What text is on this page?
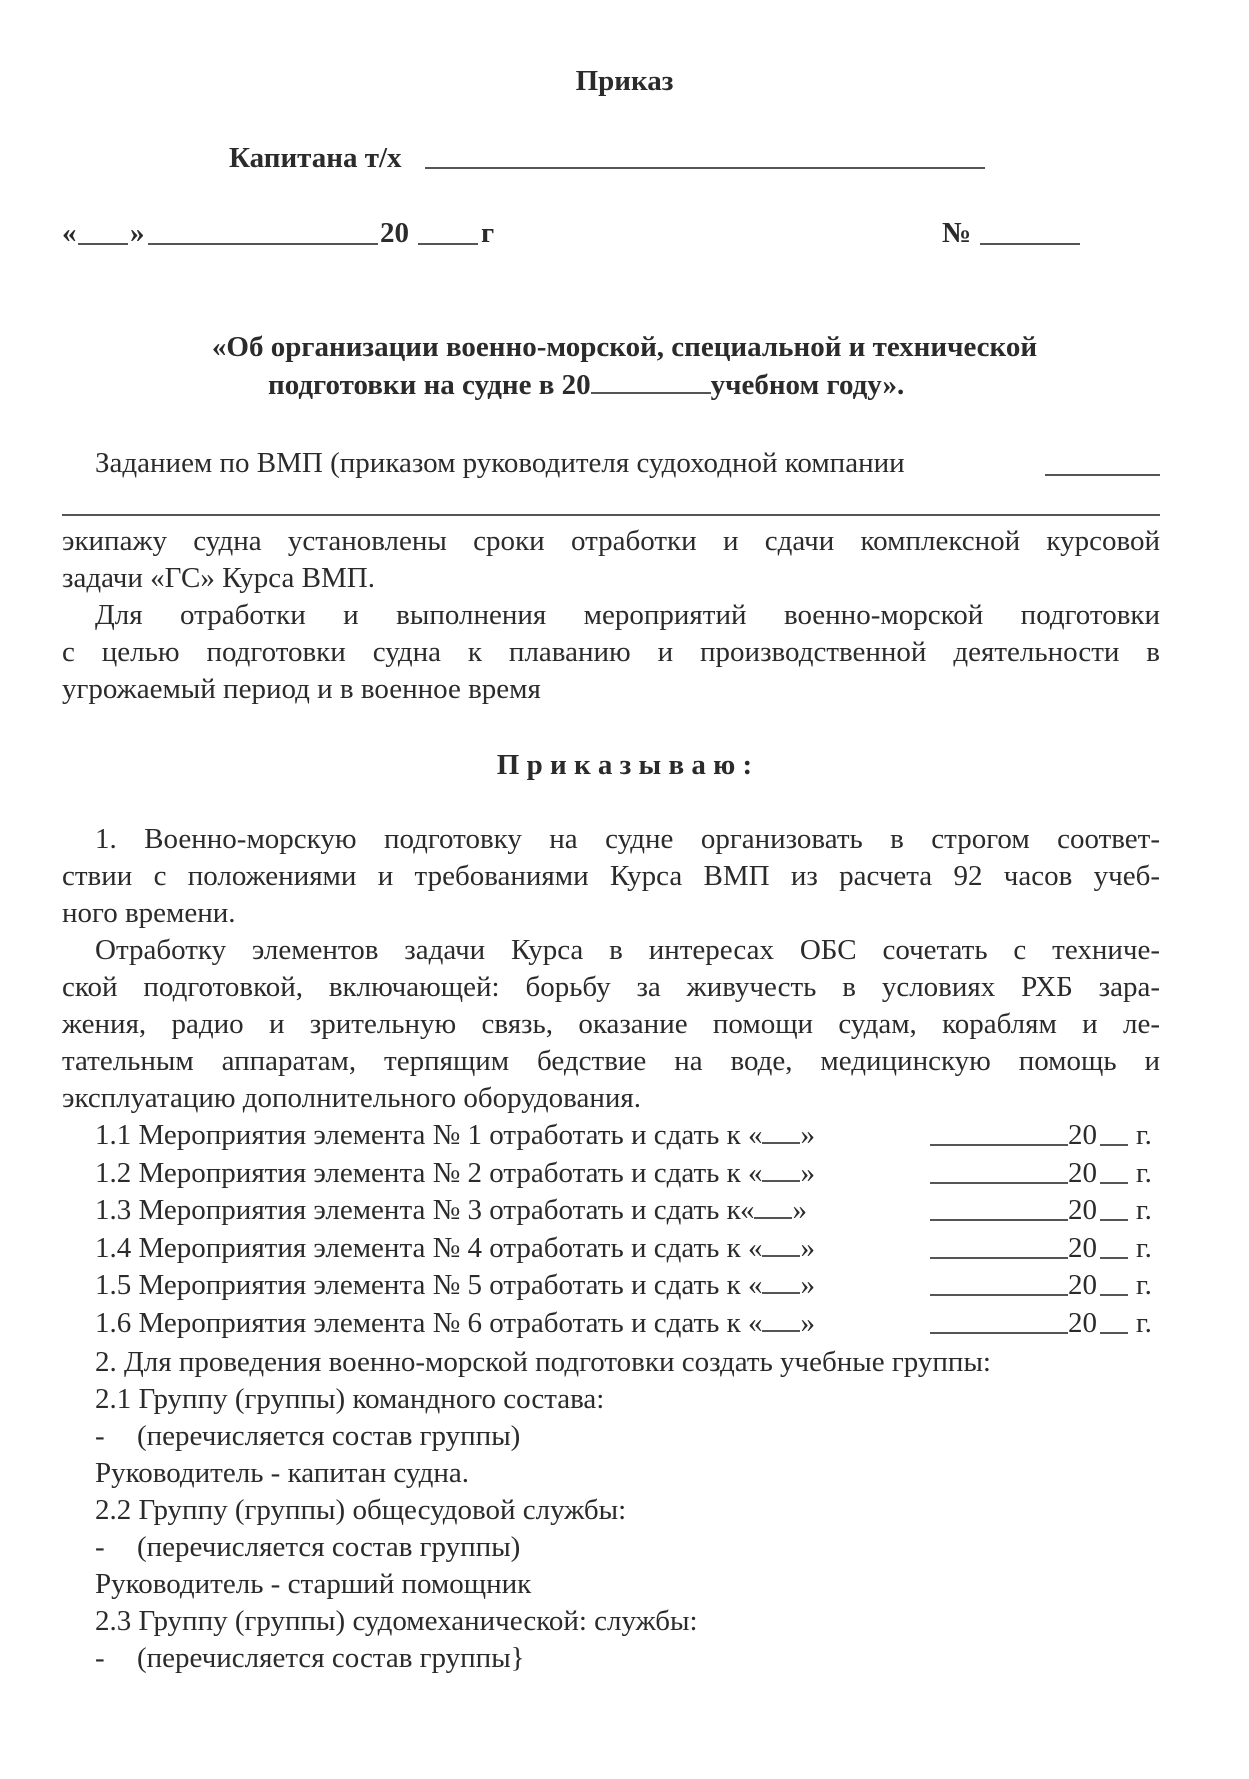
Приказ
Капитана т/х
« »	20 г	№
«Об организации военно-морской, специальной и технической
подготовки на судне в 20	учебном году».
Заданием по ВМП (приказом руководителя судоходной компании
экипажу судна установлены сроки отработки и сдачи комплексной курсовой
задачи «ГС» Курса ВМП.
Для отработки и выполнения мероприятий военно-морской подготовки
с целью подготовки судна к плаванию и производственной деятельности в
угрожаемый период и в военное время
П р и к а з ы в а ю :
1. Военно-морскую подготовку на судне организовать в строгом соответ-
ствии с положениями и требованиями Курса ВМП из расчета 92 часов учеб-
ного времени.
Отработку элементов задачи Курса в интересах ОБС сочетать с техниче-
ской подготовкой, включающей: борьбу за живучесть в условиях РХБ зара-
жения, радио и зрительную связь, оказание помощи судам, кораблям и ле-
тательным аппаратам, терпящим бедствие на воде, медицинскую помощь и
эксплуатацию дополнительного оборудования.
1.1 Мероприятия элемента № 1 отработать и сдать к « »	20 г.
1.2 Мероприятия элемента № 2 отработать и сдать к « »	20 г.
1.3 Мероприятия элемента № 3 отработать и сдать к« »	20 г.
1.4 Мероприятия элемента № 4 отработать и сдать к « »	20 г.
1.5 Мероприятия элемента № 5 отработать и сдать к « »	20 г.
1.6 Мероприятия элемента № 6 отработать и сдать к « »	20 г.
2. Для проведения военно-морской подготовки создать учебные группы:
2.1 Группу (группы) командного состава:
- (перечисляется состав группы)
Руководитель - капитан судна.
2.2 Группу (группы) общесудовой службы:
- (перечисляется состав группы)
Руководитель - старший помощник
2.3 Группу (группы) судомеханической: службы:
- (перечисляется состав группы}
